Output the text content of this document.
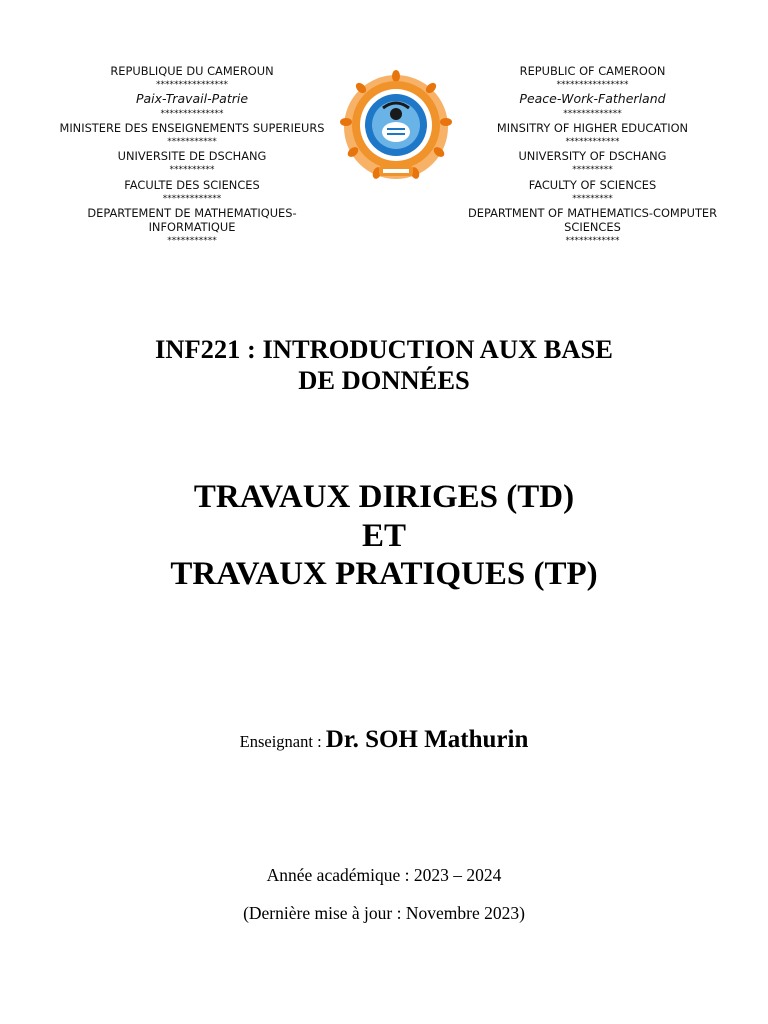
REPUBLIQUE DU CAMEROUN
****************
Paix-Travail-Patrie
**************
MINISTERE DES ENSEIGNEMENTS SUPERIEURS
***********
UNIVERSITE DE DSCHANG
**********
FACULTE DES SCIENCES
*************
DEPARTEMENT DE MATHEMATIQUES-
INFORMATIQUE
***********
REPUBLIC OF CAMEROON
****************
Peace-Work-Fatherland
*************
MINSITRY OF HIGHER EDUCATION
************
UNIVERSITY OF DSCHANG
*********
FACULTY OF SCIENCES
*********
DEPARTMENT OF MATHEMATICS-COMPUTER
SCIENCES
************
INF221 : INTRODUCTION AUX BASE
DE DONNÉES
TRAVAUX DIRIGES (TD)
ET
TRAVAUX PRATIQUES (TP)
Enseignant : Dr. SOH Mathurin
Année académique : 2023 – 2024
(Dernière mise à jour : Novembre 2023)
